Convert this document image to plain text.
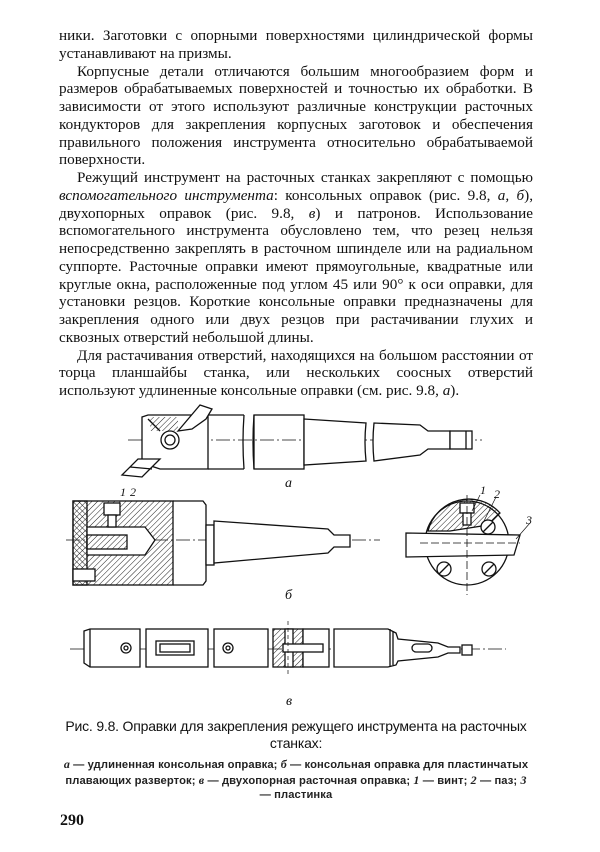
ники. Заготовки с опорными поверхностями цилиндрической формы устанавливают на призмы.

Корпусные детали отличаются большим многообразием форм и размеров обрабатываемых поверхностей и точностью их обработки. В зависимости от этого используют различные конструкции расточных кондукторов для закрепления корпусных заготовок и обеспечения правильного положения инструмента относительно обрабатываемой поверхности.

Режущий инструмент на расточных станках закрепляют с помощью вспомогательного инструмента: консольных оправок (рис. 9.8, а, б), двухопорных оправок (рис. 9.8, в) и патронов. Использование вспомогательного инструмента обусловлено тем, что резец нельзя непосредственно закреплять в расточном шпинделе или на радиальном суппорте. Расточные оправки имеют прямоугольные, квадратные или круглые окна, расположенные под углом 45 или 90° к оси оправки, для установки резцов. Короткие консольные оправки предназначены для закрепления одного или двух резцов при растачивании глухих и сквозных отверстий небольшой длины.

Для растачивания отверстий, находящихся на большом расстоянии от торца планшайбы станка, или нескольких соосных отверстий используют удлиненные консольные оправки (см. рис. 9.8, а).

а
б
в
1 2	1 2
3
Рис. 9.8. Оправки для закрепления режущего инструмента на расточных станках:
а — удлиненная консольная оправка; б — консольная оправка для пластинчатых плавающих разверток; в — двухопорная расточная оправка; 1 — винт; 2 — паз; 3 — пластинка
290
